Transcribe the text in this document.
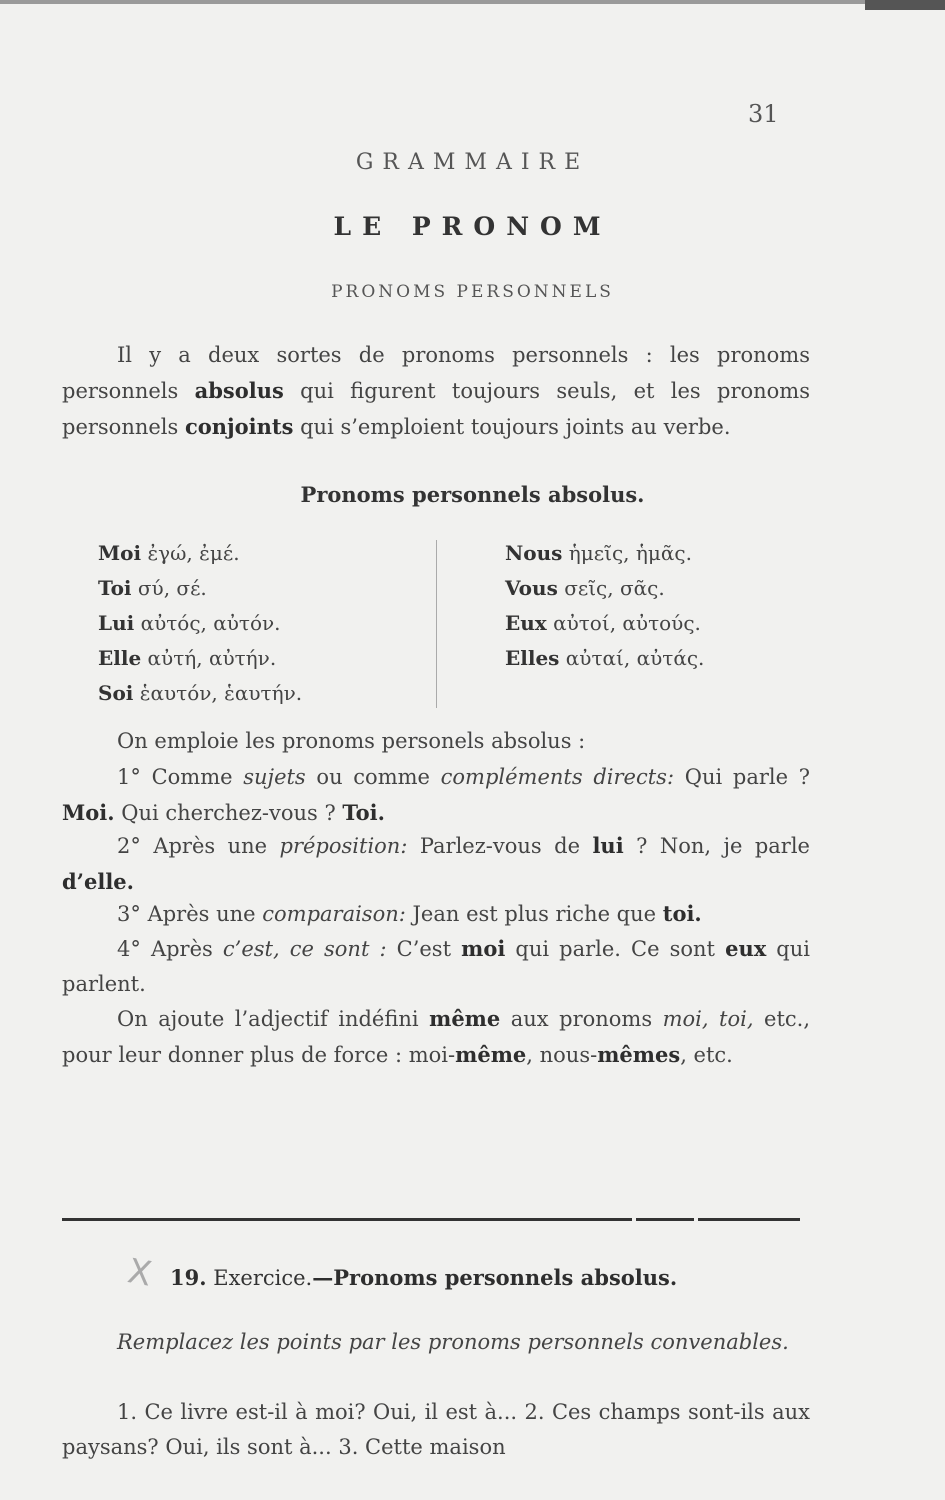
31
GRAMMAIRE
LE PRONOM
PRONOMS PERSONNELS
Il y a deux sortes de pronoms personnels : les pronoms personnels absolus qui figurent toujours seuls, et les pronoms personnels conjoints qui s’emploient toujours joints au verbe.
Pronoms personnels absolus.
Moi ἐγώ, ἐμέ.
Toi σύ, σέ.
Lui αὐτός, αὐτόν.
Elle αὐτή, αὐτήν.
Soi ἑαυτόν, ἑαυτήν.
Nous ἡμεῖς, ἡμᾶς.
Vous σεῖς, σᾶς.
Eux αὐτοί, αὐτούς.
Elles αὐταί, αὐτάς.
On emploie les pronoms personels absolus :
1° Comme sujets ou comme compléments directs: Qui parle ? Moi. Qui cherchez-vous ? Toi.
2° Après une préposition: Parlez-vous de lui ? Non, je parle d’elle.
3° Après une comparaison: Jean est plus riche que toi.
4° Après c’est, ce sont : C’est moi qui parle. Ce sont eux qui parlent.
On ajoute l’adjectif indéfini même aux pronoms moi, toi, etc., pour leur donner plus de force : moi-même, nous-mêmes, etc.
X 19. Exercice.—Pronoms personnels absolus.
Remplacez les points par les pronoms personnels convenables.
1. Ce livre est-il à moi? Oui, il est à... 2. Ces champs sont-ils aux paysans? Oui, ils sont à... 3. Cette maison
